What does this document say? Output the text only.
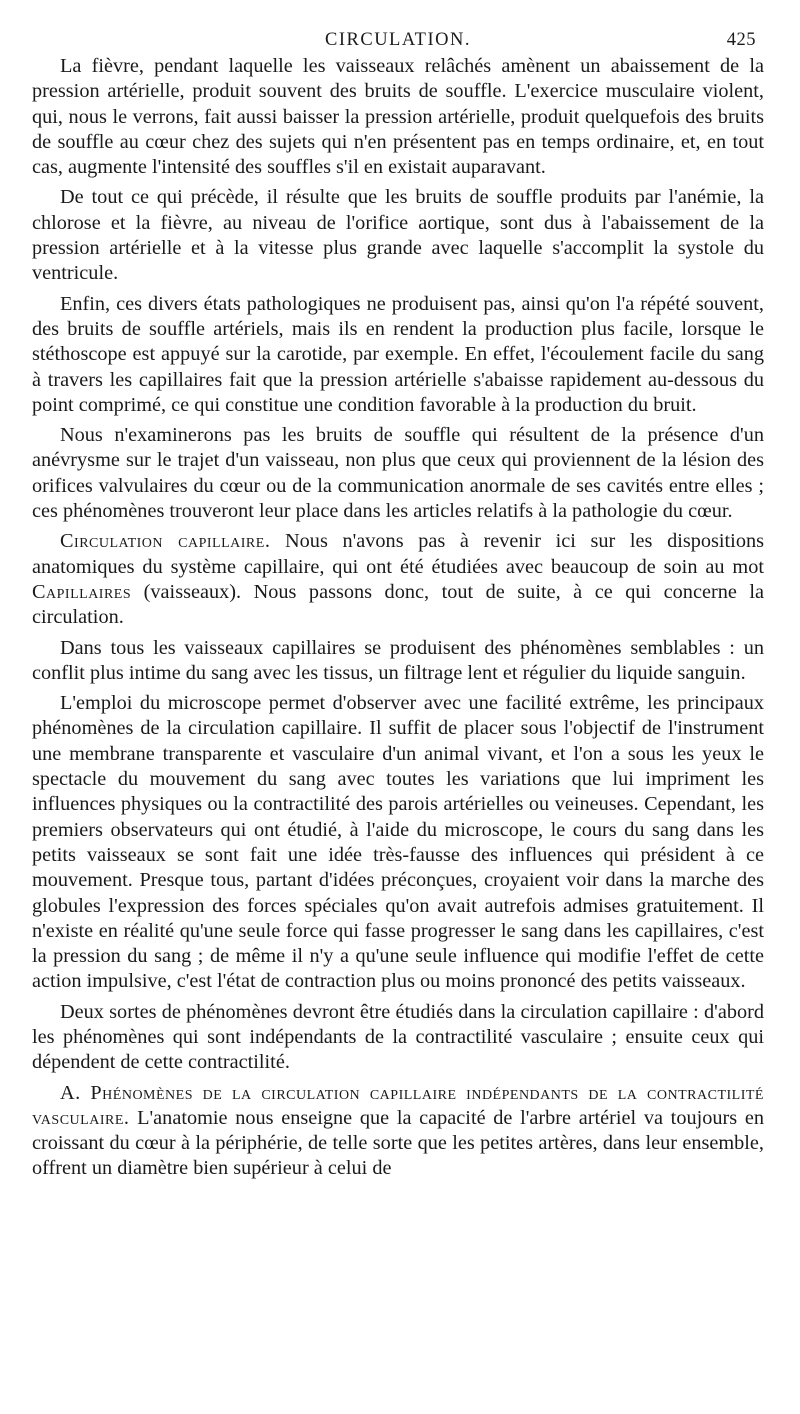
CIRCULATION.	425

La fièvre, pendant laquelle les vaisseaux relâchés amènent un abaissement de la pression artérielle, produit souvent des bruits de souffle. L'exercice musculaire violent, qui, nous le verrons, fait aussi baisser la pression artérielle, produit quelquefois des bruits de souffle au cœur chez des sujets qui n'en présentent pas en temps ordinaire, et, en tout cas, augmente l'intensité des souffles s'il en existait auparavant.

De tout ce qui précède, il résulte que les bruits de souffle produits par l'anémie, la chlorose et la fièvre, au niveau de l'orifice aortique, sont dus à l'abaissement de la pression artérielle et à la vitesse plus grande avec laquelle s'accomplit la systole du ventricule.

Enfin, ces divers états pathologiques ne produisent pas, ainsi qu'on l'a répété souvent, des bruits de souffle artériels, mais ils en rendent la production plus facile, lorsque le stéthoscope est appuyé sur la carotide, par exemple. En effet, l'écoulement facile du sang à travers les capillaires fait que la pression artérielle s'abaisse rapidement au-dessous du point comprimé, ce qui constitue une condition favorable à la production du bruit.

Nous n'examinerons pas les bruits de souffle qui résultent de la présence d'un anévrysme sur le trajet d'un vaisseau, non plus que ceux qui proviennent de la lésion des orifices valvulaires du cœur ou de la communication anormale de ses cavités entre elles ; ces phénomènes trouveront leur place dans les articles relatifs à la pathologie du cœur.

Circulation capillaire. Nous n'avons pas à revenir ici sur les dispositions anatomiques du système capillaire, qui ont été étudiées avec beaucoup de soin au mot Capillaires (vaisseaux). Nous passons donc, tout de suite, à ce qui concerne la circulation.

Dans tous les vaisseaux capillaires se produisent des phénomènes semblables : un conflit plus intime du sang avec les tissus, un filtrage lent et régulier du liquide sanguin.

L'emploi du microscope permet d'observer avec une facilité extrême, les principaux phénomènes de la circulation capillaire. Il suffit de placer sous l'objectif de l'instrument une membrane transparente et vasculaire d'un animal vivant, et l'on a sous les yeux le spectacle du mouvement du sang avec toutes les variations que lui impriment les influences physiques ou la contractilité des parois artérielles ou veineuses. Cependant, les premiers observateurs qui ont étudié, à l'aide du microscope, le cours du sang dans les petits vaisseaux se sont fait une idée très-fausse des influences qui président à ce mouvement. Presque tous, partant d'idées préconçues, croyaient voir dans la marche des globules l'expression des forces spéciales qu'on avait autrefois admises gratuitement. Il n'existe en réalité qu'une seule force qui fasse progresser le sang dans les capillaires, c'est la pression du sang ; de même il n'y a qu'une seule influence qui modifie l'effet de cette action impulsive, c'est l'état de contraction plus ou moins prononcé des petits vaisseaux.

Deux sortes de phénomènes devront être étudiés dans la circulation capillaire : d'abord les phénomènes qui sont indépendants de la contractilité vasculaire ; ensuite ceux qui dépendent de cette contractilité.

A. Phénomènes de la circulation capillaire indépendants de la contractilité vasculaire. L'anatomie nous enseigne que la capacité de l'arbre artériel va toujours en croissant du cœur à la périphérie, de telle sorte que les petites artères, dans leur ensemble, offrent un diamètre bien supérieur à celui de
